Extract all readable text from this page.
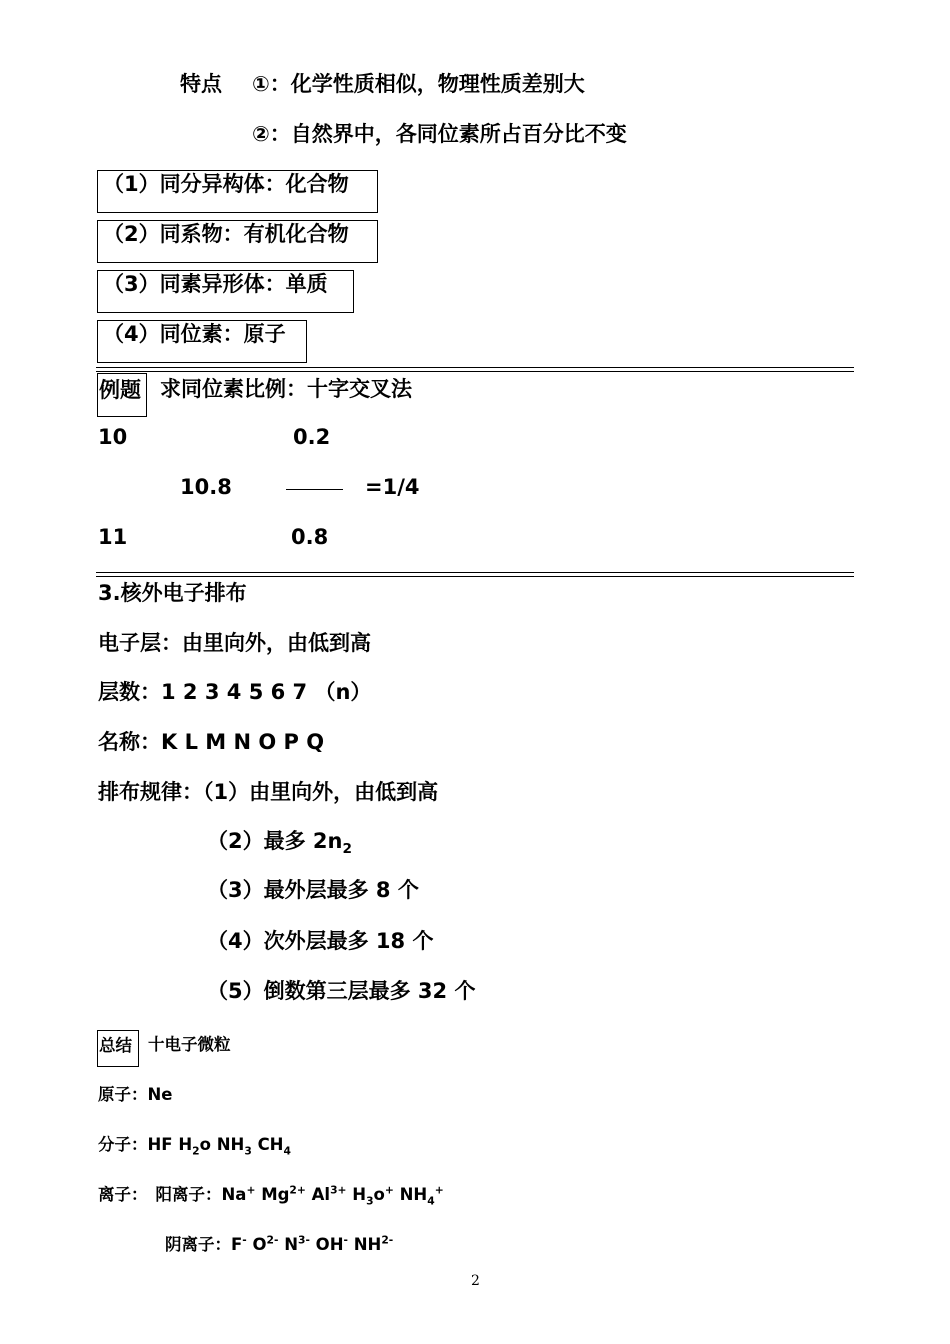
特点 ①：化学性质相似，物理性质差别大
②：自然界中，各同位素所占百分比不变
（1）同分异构体：化合物
（2）同系物：有机化合物
（3）同素异形体：单质
（4）同位素：原子
例题 求同位素比例：十字交叉法
10	0.2
10.8	=1/4
11	0.8
3.核外电子排布
电子层：由里向外，由低到高
层数：1 2 3 4 5 6 7 （n）
名称：K L M N O P Q
排布规律：（1）由里向外，由低到高
（2）最多 $2n_2$
（3）最外层最多 8 个
（4）次外层最多 18 个
（5）倒数第三层最多 32 个
总结 十电子微粒
原子：Ne
分子：HF $H_2o$ $NH_3$ $CH_4$
离子： 阳离子：Na+ $Mg^{2+}$ $Al^{3+}$ $H_3o^+$ $NH_4^+$
阴离子：F- $O^{2-}$ $N^{3-}$ OH- $NH^{2-}$
2
